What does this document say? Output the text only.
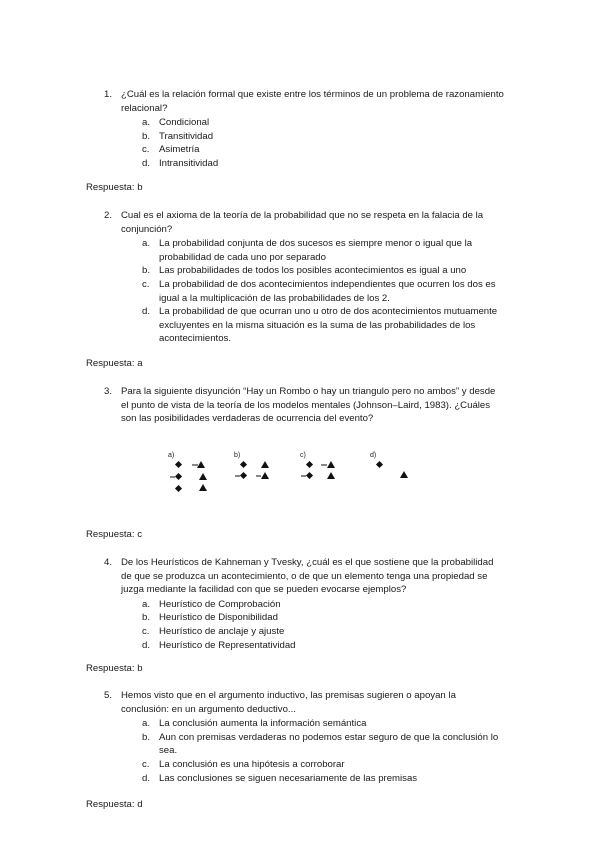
1. ¿Cuál es la relación formal que existe entre los términos de un problema de razonamiento relacional?
a. Condicional
b. Transitividad
c. Asimetría
d. Intransitividad
Respuesta: b
2. Cual es el axioma de la teoría de la probabilidad que no se respeta en la falacia de la conjunción?
a. La probabilidad conjunta de dos sucesos es siempre menor o igual que la probabilidad de cada uno por separado
b. Las probabilidades de todos los posibles acontecimientos es igual a uno
c. La probabilidad de dos acontecimientos independientes que ocurren los dos es igual a la multiplicación de las probabilidades de los 2.
d. La probabilidad de que ocurran uno u otro de dos acontecimientos mutuamente excluyentes en la misma situación es la suma de las probabilidades de los acontecimientos.
Respuesta: a
3. Para la siguiente disyunción “Hay un Rombo o hay un triangulo pero no ambos” y desde el punto de vista de la teoría de los modelos mentales (Johnson–Laird, 1983). ¿Cuáles son las posibilidades verdaderas de ocurrencia del evento?
a)	b)	c)	d)
Respuesta: c
4. De los Heurísticos de Kahneman y Tvesky, ¿cuál es el que sostiene que la probabilidad de que se produzca un acontecimiento, o de que un elemento tenga una propiedad se juzga mediante la facilidad con que se pueden evocarse ejemplos?
a. Heurístico de Comprobación
b. Heurístico de Disponibilidad
c. Heurístico de anclaje y ajuste
d. Heurístico de Representatividad
Respuesta: b
5. Hemos visto que en el argumento inductivo, las premisas sugieren o apoyan la conclusión: en un argumento deductivo...
a. La conclusión aumenta la información semántica
b. Aun con premisas verdaderas no podemos estar seguro de que la conclusión lo sea.
c. La conclusión es una hipótesis a corroborar
d. Las conclusiones se siguen necesariamente de las premisas
Respuesta: d
